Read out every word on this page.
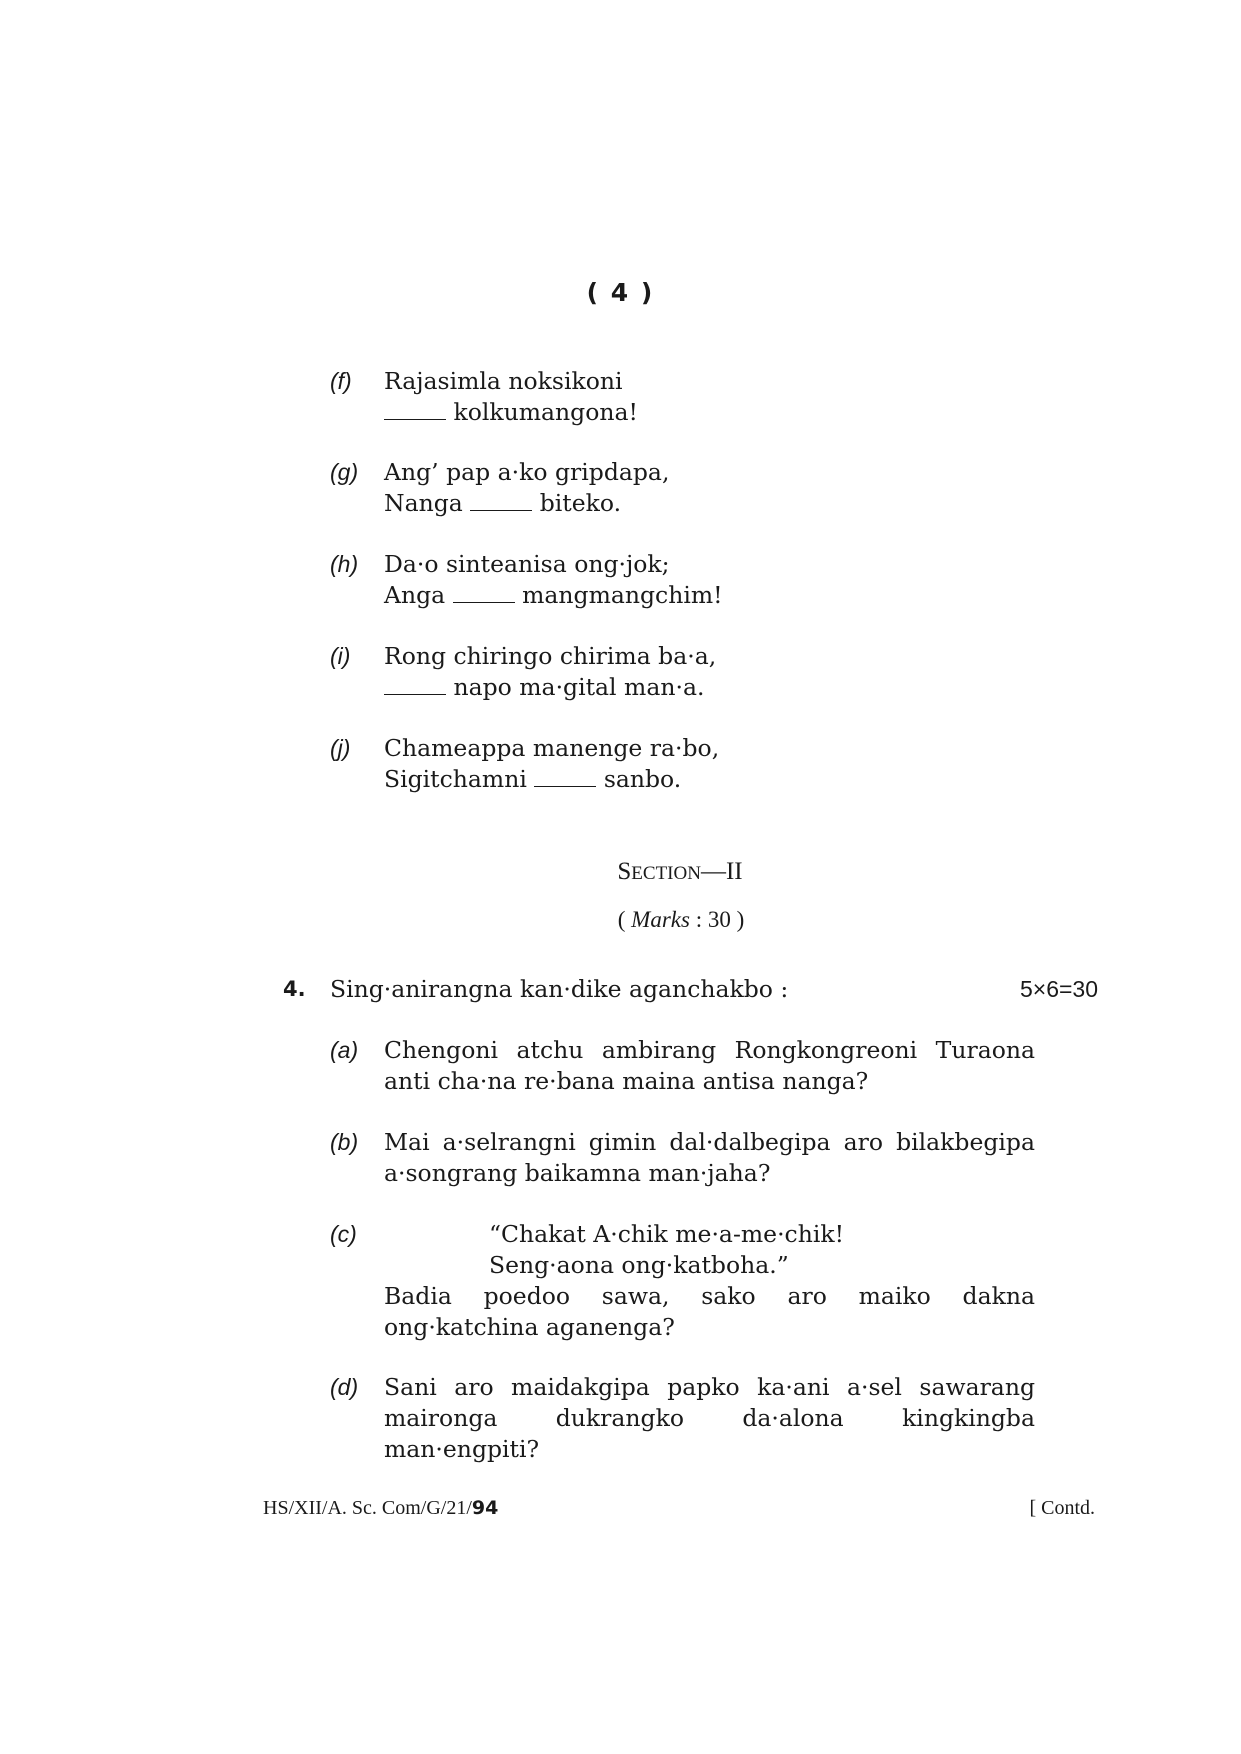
( 4 )
(f) Rajasimla noksikoni
kolkumangona!
(g) Ang’ pap a·ko gripdapa,
Nanga	biteko.
(h) Da·o sinteanisa ong·jok;
Anga	mangmangchim!
(i) Rong chiringo chirima ba·a,
napo ma·gital man·a.
(j) Chameappa manenge ra·bo,
Sigitchamni	sanbo.
SECTION—II
( Marks : 30 )
4. Sing·anirangna kan·dike aganchakbo :	5×6=30
(a) Chengoni atchu ambirang Rongkongreoni Turaona
anti cha·na re·bana maina antisa nanga?
(b) Mai a·selrangni gimin dal·dalbegipa aro bilakbegipa
a·songrang baikamna man·jaha?
(c)	“Chakat A·chik me·a-me·chik!
Seng·aona ong·katboha.”
Badia poedoo sawa, sako aro maiko dakna
ong·katchina aganenga?
(d) Sani aro maidakgipa papko ka·ani a·sel sawarang
maironga dukrangko da·alona kingkingba
man·engpiti?
HS/XII/A. Sc. Com/G/21/94	[ Contd.
